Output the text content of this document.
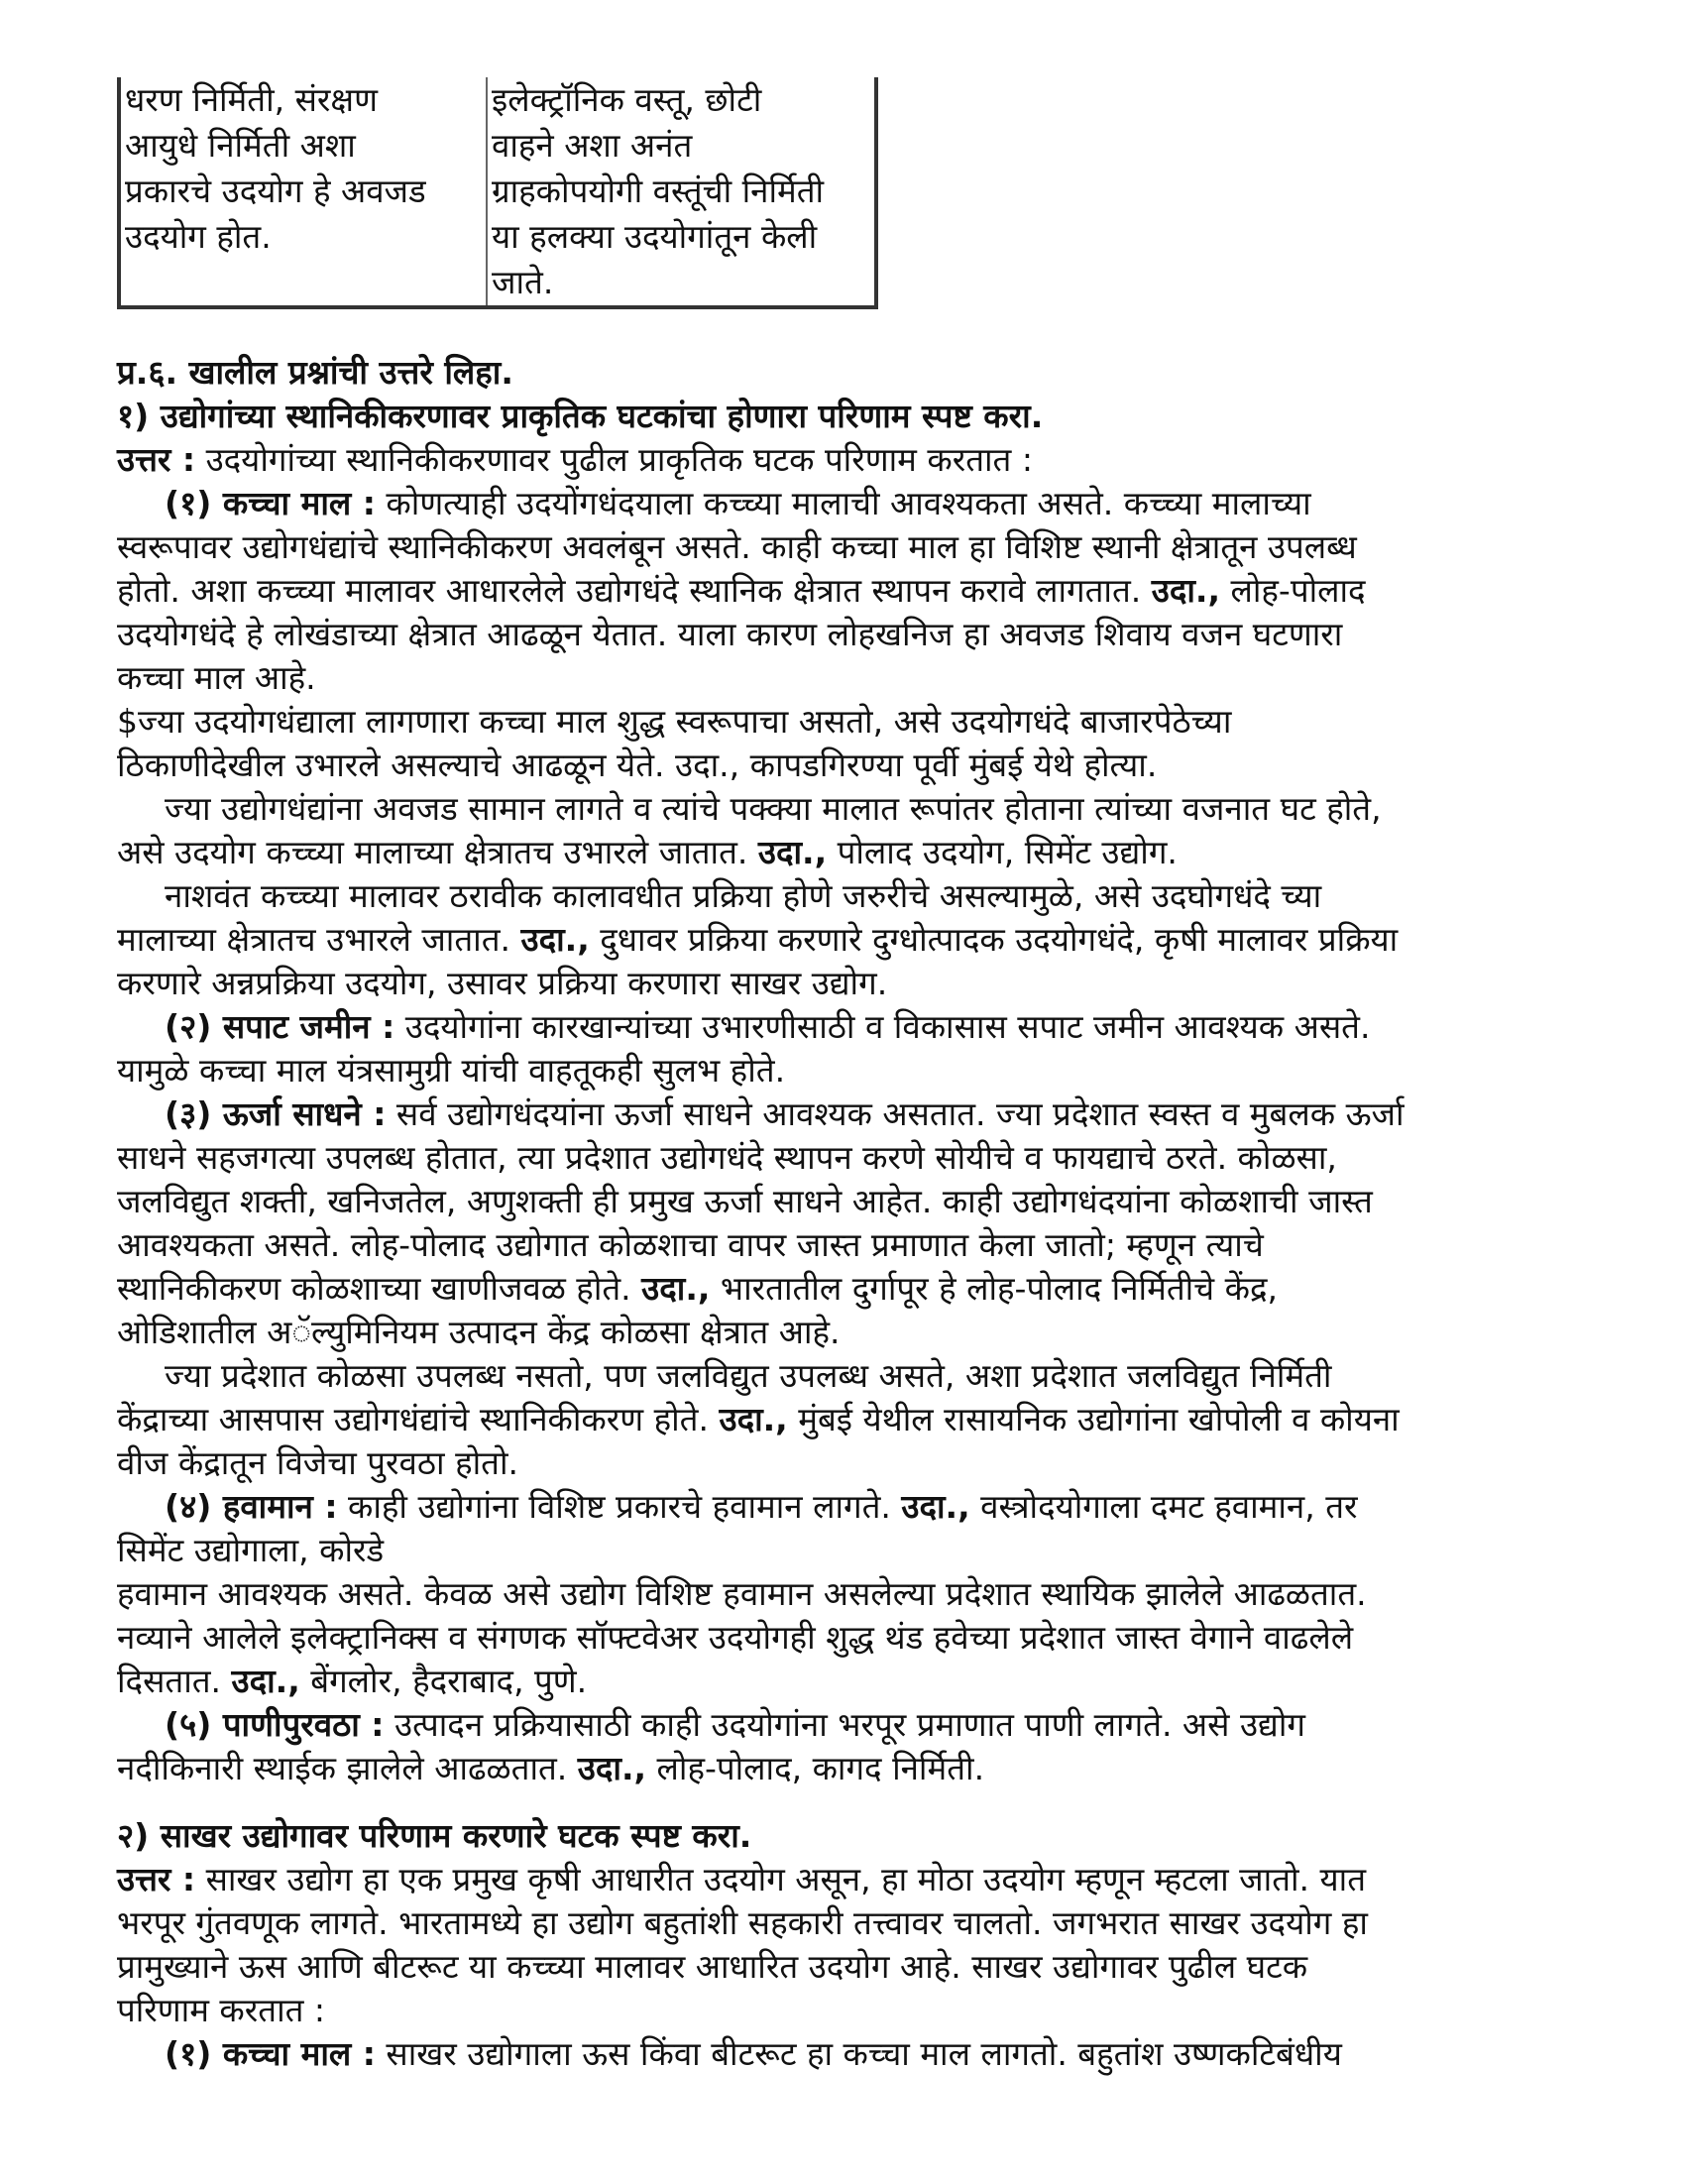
धरण निर्मिती, संरक्षण
आयुधे निर्मिती अशा
प्रकारचे उदयोग हे अवजड
उदयोग होत.

इलेक्ट्रॉनिक वस्तू, छोटी
वाहने अशा अनंत
ग्राहकोपयोगी वस्तूंची निर्मिती
या हलक्या उदयोगांतून केली
जाते.
प्र.६. खालील प्रश्नांची उत्तरे लिहा.
१) उद्योगांच्या स्थानिकीकरणावर प्राकृतिक घटकांचा होणारा परिणाम स्पष्ट करा.
उत्तर : उदयोगांच्या स्थानिकीकरणावर पुढील प्राकृतिक घटक परिणाम करतात :
(१) कच्चा माल : कोणत्याही उदयोंगधंदयाला कच्च्या मालाची आवश्यकता असते. कच्च्या मालाच्या
स्वरूपावर उद्योगधंद्यांचे स्थानिकीकरण अवलंबून असते. काही कच्चा माल हा विशिष्ट स्थानी क्षेत्रातून उपलब्ध
होतो. अशा कच्च्या मालावर आधारलेले उद्योगधंदे स्थानिक क्षेत्रात स्थापन करावे लागतात. उदा., लोह-पोलाद
उदयोगधंदे हे लोखंडाच्या क्षेत्रात आढळून येतात. याला कारण लोहखनिज हा अवजड शिवाय वजन घटणारा
कच्चा माल आहे.
$ज्या उदयोगधंद्याला लागणारा कच्चा माल शुद्ध स्वरूपाचा असतो, असे उदयोगधंदे बाजारपेठेच्या
ठिकाणीदेखील उभारले असल्याचे आढळून येते. उदा., कापडगिरण्या पूर्वी मुंबई येथे होत्या.
ज्या उद्योगधंद्यांना अवजड सामान लागते व त्यांचे पक्क्या मालात रूपांतर होताना त्यांच्या वजनात घट होते,
असे उदयोग कच्च्या मालाच्या क्षेत्रातच उभारले जातात. उदा., पोलाद उदयोग, सिमेंट उद्योग.
नाशवंत कच्च्या मालावर ठरावीक कालावधीत प्रक्रिया होणे जरुरीचे असल्यामुळे, असे उदघोगधंदे च्या
मालाच्या क्षेत्रातच उभारले जातात. उदा., दुधावर प्रक्रिया करणारे दुग्धोत्पादक उदयोगधंदे, कृषी मालावर प्रक्रिया
करणारे अन्नप्रक्रिया उदयोग, उसावर प्रक्रिया करणारा साखर उद्योग.
(२) सपाट जमीन : उदयोगांना कारखान्यांच्या उभारणीसाठी व विकासास सपाट जमीन आवश्यक असते.
यामुळे कच्चा माल यंत्रसामुग्री यांची वाहतूकही सुलभ होते.
(३) ऊर्जा साधने : सर्व उद्योगधंदयांना ऊर्जा साधने आवश्यक असतात. ज्या प्रदेशात स्वस्त व मुबलक ऊर्जा
साधने सहजगत्या उपलब्ध होतात, त्या प्रदेशात उद्योगधंदे स्थापन करणे सोयीचे व फायद्याचे ठरते. कोळसा,
जलविद्युत शक्ती, खनिजतेल, अणुशक्ती ही प्रमुख ऊर्जा साधने आहेत. काही उद्योगधंदयांना कोळशाची जास्त
आवश्यकता असते. लोह-पोलाद उद्योगात कोळशाचा वापर जास्त प्रमाणात केला जातो; म्हणून त्याचे
स्थानिकीकरण कोळशाच्या खाणीजवळ होते. उदा., भारतातील दुर्गापूर हे लोह-पोलाद निर्मितीचे केंद्र,
ओडिशातील अॅल्युमिनियम उत्पादन केंद्र कोळसा क्षेत्रात आहे.
ज्या प्रदेशात कोळसा उपलब्ध नसतो, पण जलविद्युत उपलब्ध असते, अशा प्रदेशात जलविद्युत निर्मिती
केंद्राच्या आसपास उद्योगधंद्यांचे स्थानिकीकरण होते. उदा., मुंबई येथील रासायनिक उद्योगांना खोपोली व कोयना
वीज केंद्रातून विजेचा पुरवठा होतो.
(४) हवामान : काही उद्योगांना विशिष्ट प्रकारचे हवामान लागते. उदा., वस्त्रोदयोगाला दमट हवामान, तर
सिमेंट उद्योगाला, कोरडे
हवामान आवश्यक असते. केवळ असे उद्योग विशिष्ट हवामान असलेल्या प्रदेशात स्थायिक झालेले आढळतात.
नव्याने आलेले इलेक्ट्रानिक्स व संगणक सॉफ्टवेअर उदयोगही शुद्ध थंड हवेच्या प्रदेशात जास्त वेगाने वाढलेले
दिसतात. उदा., बेंगलोर, हैदराबाद, पुणे.
(५) पाणीपुरवठा : उत्पादन प्रक्रियासाठी काही उदयोगांना भरपूर प्रमाणात पाणी लागते. असे उद्योग
नदीकिनारी स्थाईक झालेले आढळतात. उदा., लोह-पोलाद, कागद निर्मिती.
२) साखर उद्योगावर परिणाम करणारे घटक स्पष्ट करा.
उत्तर : साखर उद्योग हा एक प्रमुख कृषी आधारीत उदयोग असून, हा मोठा उदयोग म्हणून म्हटला जातो. यात
भरपूर गुंतवणूक लागते. भारतामध्ये हा उद्योग बहुतांशी सहकारी तत्त्वावर चालतो. जगभरात साखर उदयोग हा
प्रामुख्याने ऊस आणि बीटरूट या कच्च्या मालावर आधारित उदयोग आहे. साखर उद्योगावर पुढील घटक
परिणाम करतात :
(१) कच्चा माल : साखर उद्योगाला ऊस किंवा बीटरूट हा कच्चा माल लागतो. बहुतांश उष्णकटिबंधीय
